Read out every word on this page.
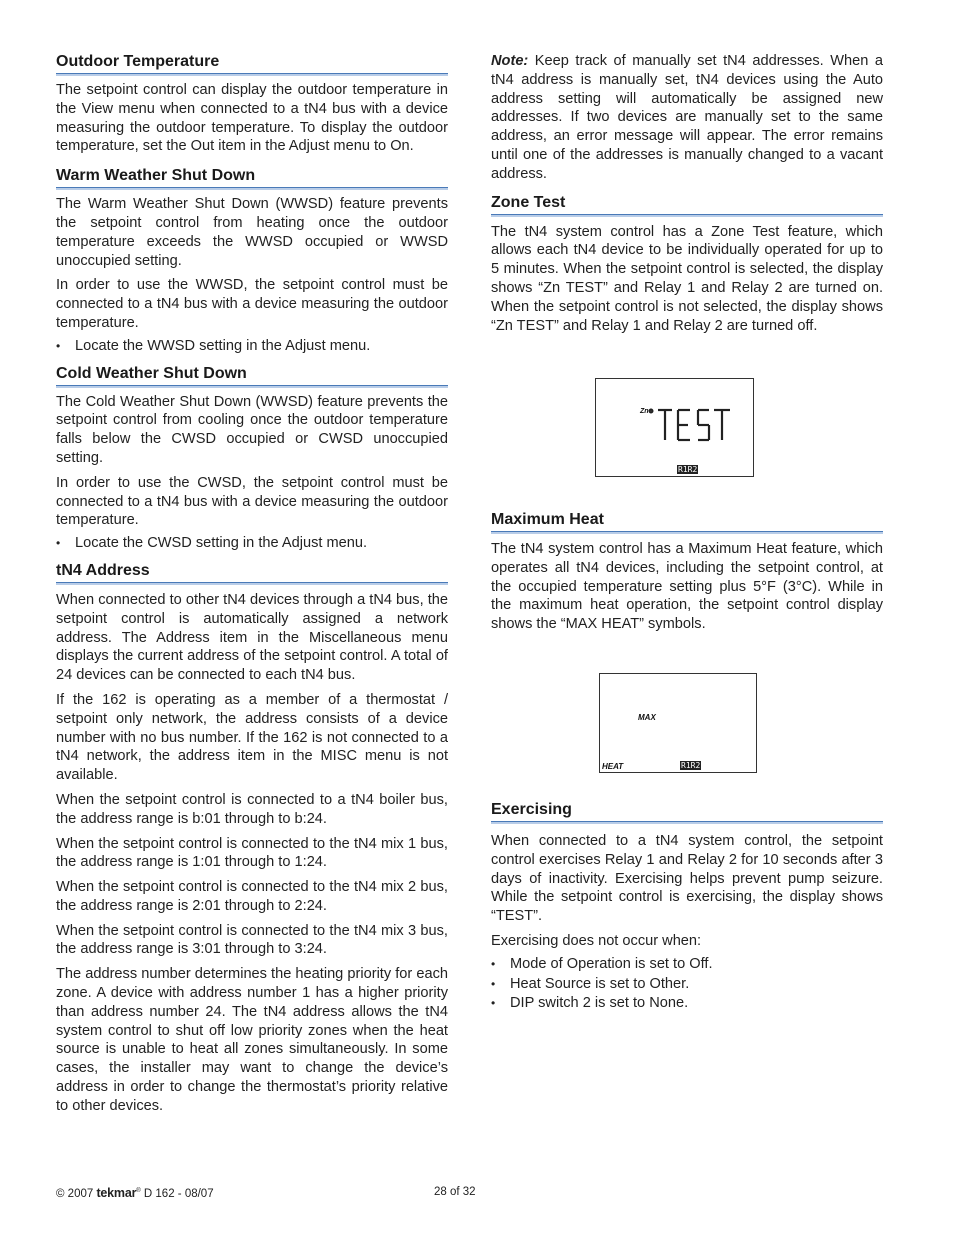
Outdoor Temperature

The setpoint control can display the outdoor temperature in the View menu when connected to a tN4 bus with a device measuring the outdoor temperature. To display the outdoor temperature, set the Out item in the Adjust menu to On.

Warm Weather Shut Down

The Warm Weather Shut Down (WWSD) feature prevents the setpoint control from heating once the outdoor temperature exceeds the WWSD occupied or WWSD unoccupied setting.

In order to use the WWSD, the setpoint control must be connected to a tN4 bus with a device measuring the outdoor temperature.

• Locate the WWSD setting in the Adjust menu.
Cold Weather Shut Down

The Cold Weather Shut Down (WWSD) feature prevents the setpoint control from cooling once the outdoor temperature falls below the CWSD occupied or CWSD unoccupied setting.

In order to use the CWSD, the setpoint control must be connected to a tN4 bus with a device measuring the outdoor temperature.

• Locate the CWSD setting in the Adjust menu.
tN4 Address

When connected to other tN4 devices through a tN4 bus, the setpoint control is automatically assigned a network address. The Address item in the Miscellaneous menu displays the current address of the setpoint control. A total of 24 devices can be connected to each tN4 bus.

If the 162 is operating as a member of a thermostat / setpoint only network, the address consists of a device number with no bus number. If the 162 is not connected to a tN4 network, the address item in the MISC menu is not available.

When the setpoint control is connected to a tN4 boiler bus, the address range is b:01 through to b:24.

When the setpoint control is connected to the tN4 mix 1 bus, the address range is 1:01 through to 1:24.

When the setpoint control is connected to the tN4 mix 2 bus, the address range is 2:01 through to 2:24.

When the setpoint control is connected to the tN4 mix 3 bus, the address range is 3:01 through to 3:24.

The address number determines the heating priority for each zone. A device with address number 1 has a higher priority than address number 24. The tN4 address allows the tN4 system control to shut off low priority zones when the heat source is unable to heat all zones simultaneously. In some cases, the installer may want to change the device’s address in order to change the thermostat’s priority relative to other devices.

Note: Keep track of manually set tN4 addresses. When a tN4 address is manually set, tN4 devices using the Auto address setting will automatically be assigned new addresses. If two devices are manually set to the same address, an error message will appear. The error remains until one of the addresses is manually changed to a vacant address.

Zone Test

The tN4 system control has a Zone Test feature, which allows each tN4 device to be individually operated for up to 5 minutes. When the setpoint control is selected, the display shows “Zn TEST” and Relay 1 and Relay 2 are turned on. When the setpoint control is not selected, the display shows “Zn TEST” and Relay 1 and Relay 2 are turned off.

Zn
R1R2
Maximum Heat

The tN4 system control has a Maximum Heat feature, which operates all tN4 devices, including the setpoint control, at the occupied temperature setting plus 5°F (3°C). While in the maximum heat operation, the setpoint control display shows the “MAX HEAT” symbols.

MAX
HEAT	R1R2
Exercising

When connected to a tN4 system control, the setpoint control exercises Relay 1 and Relay 2 for 10 seconds after 3 days of inactivity. Exercising helps prevent pump seizure. While the setpoint control is exercising, the display shows “TEST”.

Exercising does not occur when:

• Mode of Operation is set to Off.
• Heat Source is set to Other.
• DIP switch 2 is set to None.
© 2007 tekmar® D 162 - 08/07	28 of 32
